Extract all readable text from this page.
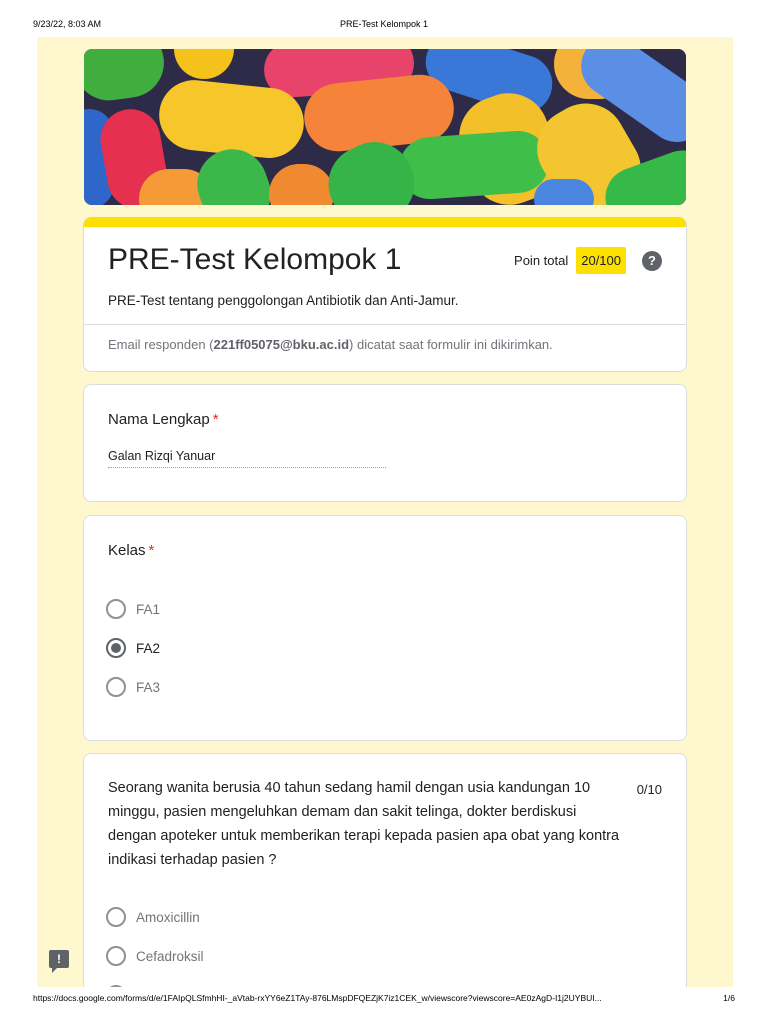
9/23/22, 8:03 AM	PRE-Test Kelompok 1
PRE-Test Kelompok 1	Poin total	20/100	?
PRE-Test tentang penggolongan Antibiotik dan Anti-Jamur.
Email responden (221ff05075@bku.ac.id) dicatat saat formulir ini dikirimkan.
Nama Lengkap *
Galan Rizqi Yanuar
Kelas *
FA1
FA2
FA3
Seorang wanita berusia 40 tahun sedang hamil dengan usia kandungan 10 minggu, pasien mengeluhkan demam dan sakit telinga, dokter berdiskusi dengan apoteker untuk memberikan terapi kepada pasien apa obat yang kontra indikasi terhadap pasien ?
0/10
Amoxicillin
Cefadroksil
!
https://docs.google.com/forms/d/e/1FAIpQLSfmhHI-_aVtab-rxYY6eZ1TAy-876LMspDFQEZjK7iz1CEK_w/viewscore?viewscore=AE0zAgD-I1j2UYBUI...	1/6
